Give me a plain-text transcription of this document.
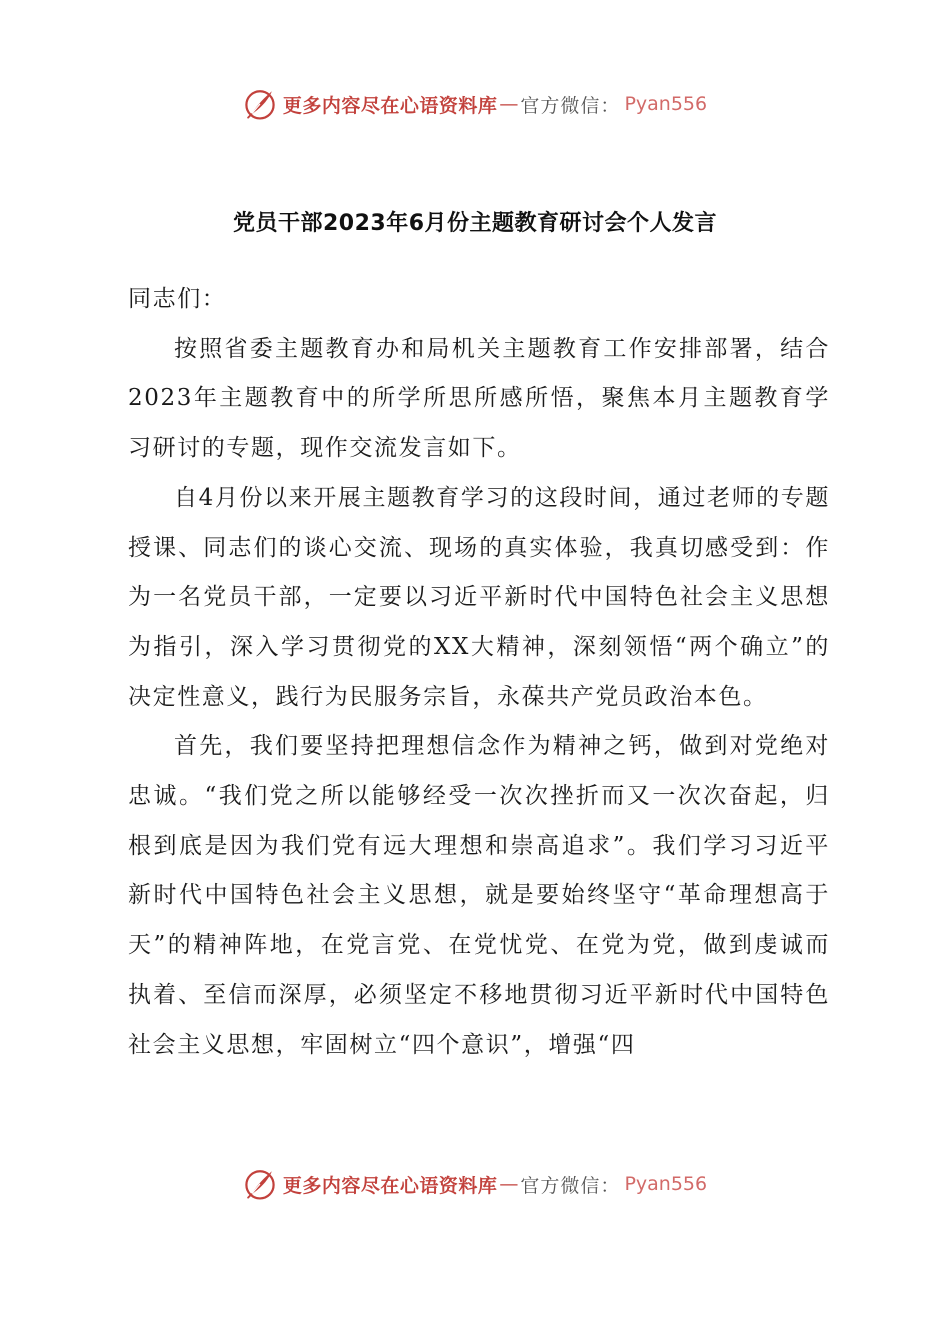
更多内容尽在心语资料库 — 官方微信： Pyan556
党员干部2023年6月份主题教育研讨会个人发言

同志们：

按照省委主题教育办和局机关主题教育工作安排部署，结合2023年主题教育中的所学所思所感所悟，聚焦本月主题教育学习研讨的专题，现作交流发言如下。

自4月份以来开展主题教育学习的这段时间，通过老师的专题授课、同志们的谈心交流、现场的真实体验，我真切感受到：作为一名党员干部，一定要以习近平新时代中国特色社会主义思想为指引，深入学习贯彻党的XX大精神，深刻领悟“两个确立”的决定性意义，践行为民服务宗旨，永葆共产党员政治本色。

首先，我们要坚持把理想信念作为精神之钙，做到对党绝对忠诚。“我们党之所以能够经受一次次挫折而又一次次奋起，归根到底是因为我们党有远大理想和崇高追求”。我们学习习近平新时代中国特色社会主义思想，就是要始终坚守“革命理想高于天”的精神阵地，在党言党、在党忧党、在党为党，做到虔诚而执着、至信而深厚，必须坚定不移地贯彻习近平新时代中国特色社会主义思想，牢固树立“四个意识”，增强“四

更多内容尽在心语资料库 — 官方微信： Pyan556
